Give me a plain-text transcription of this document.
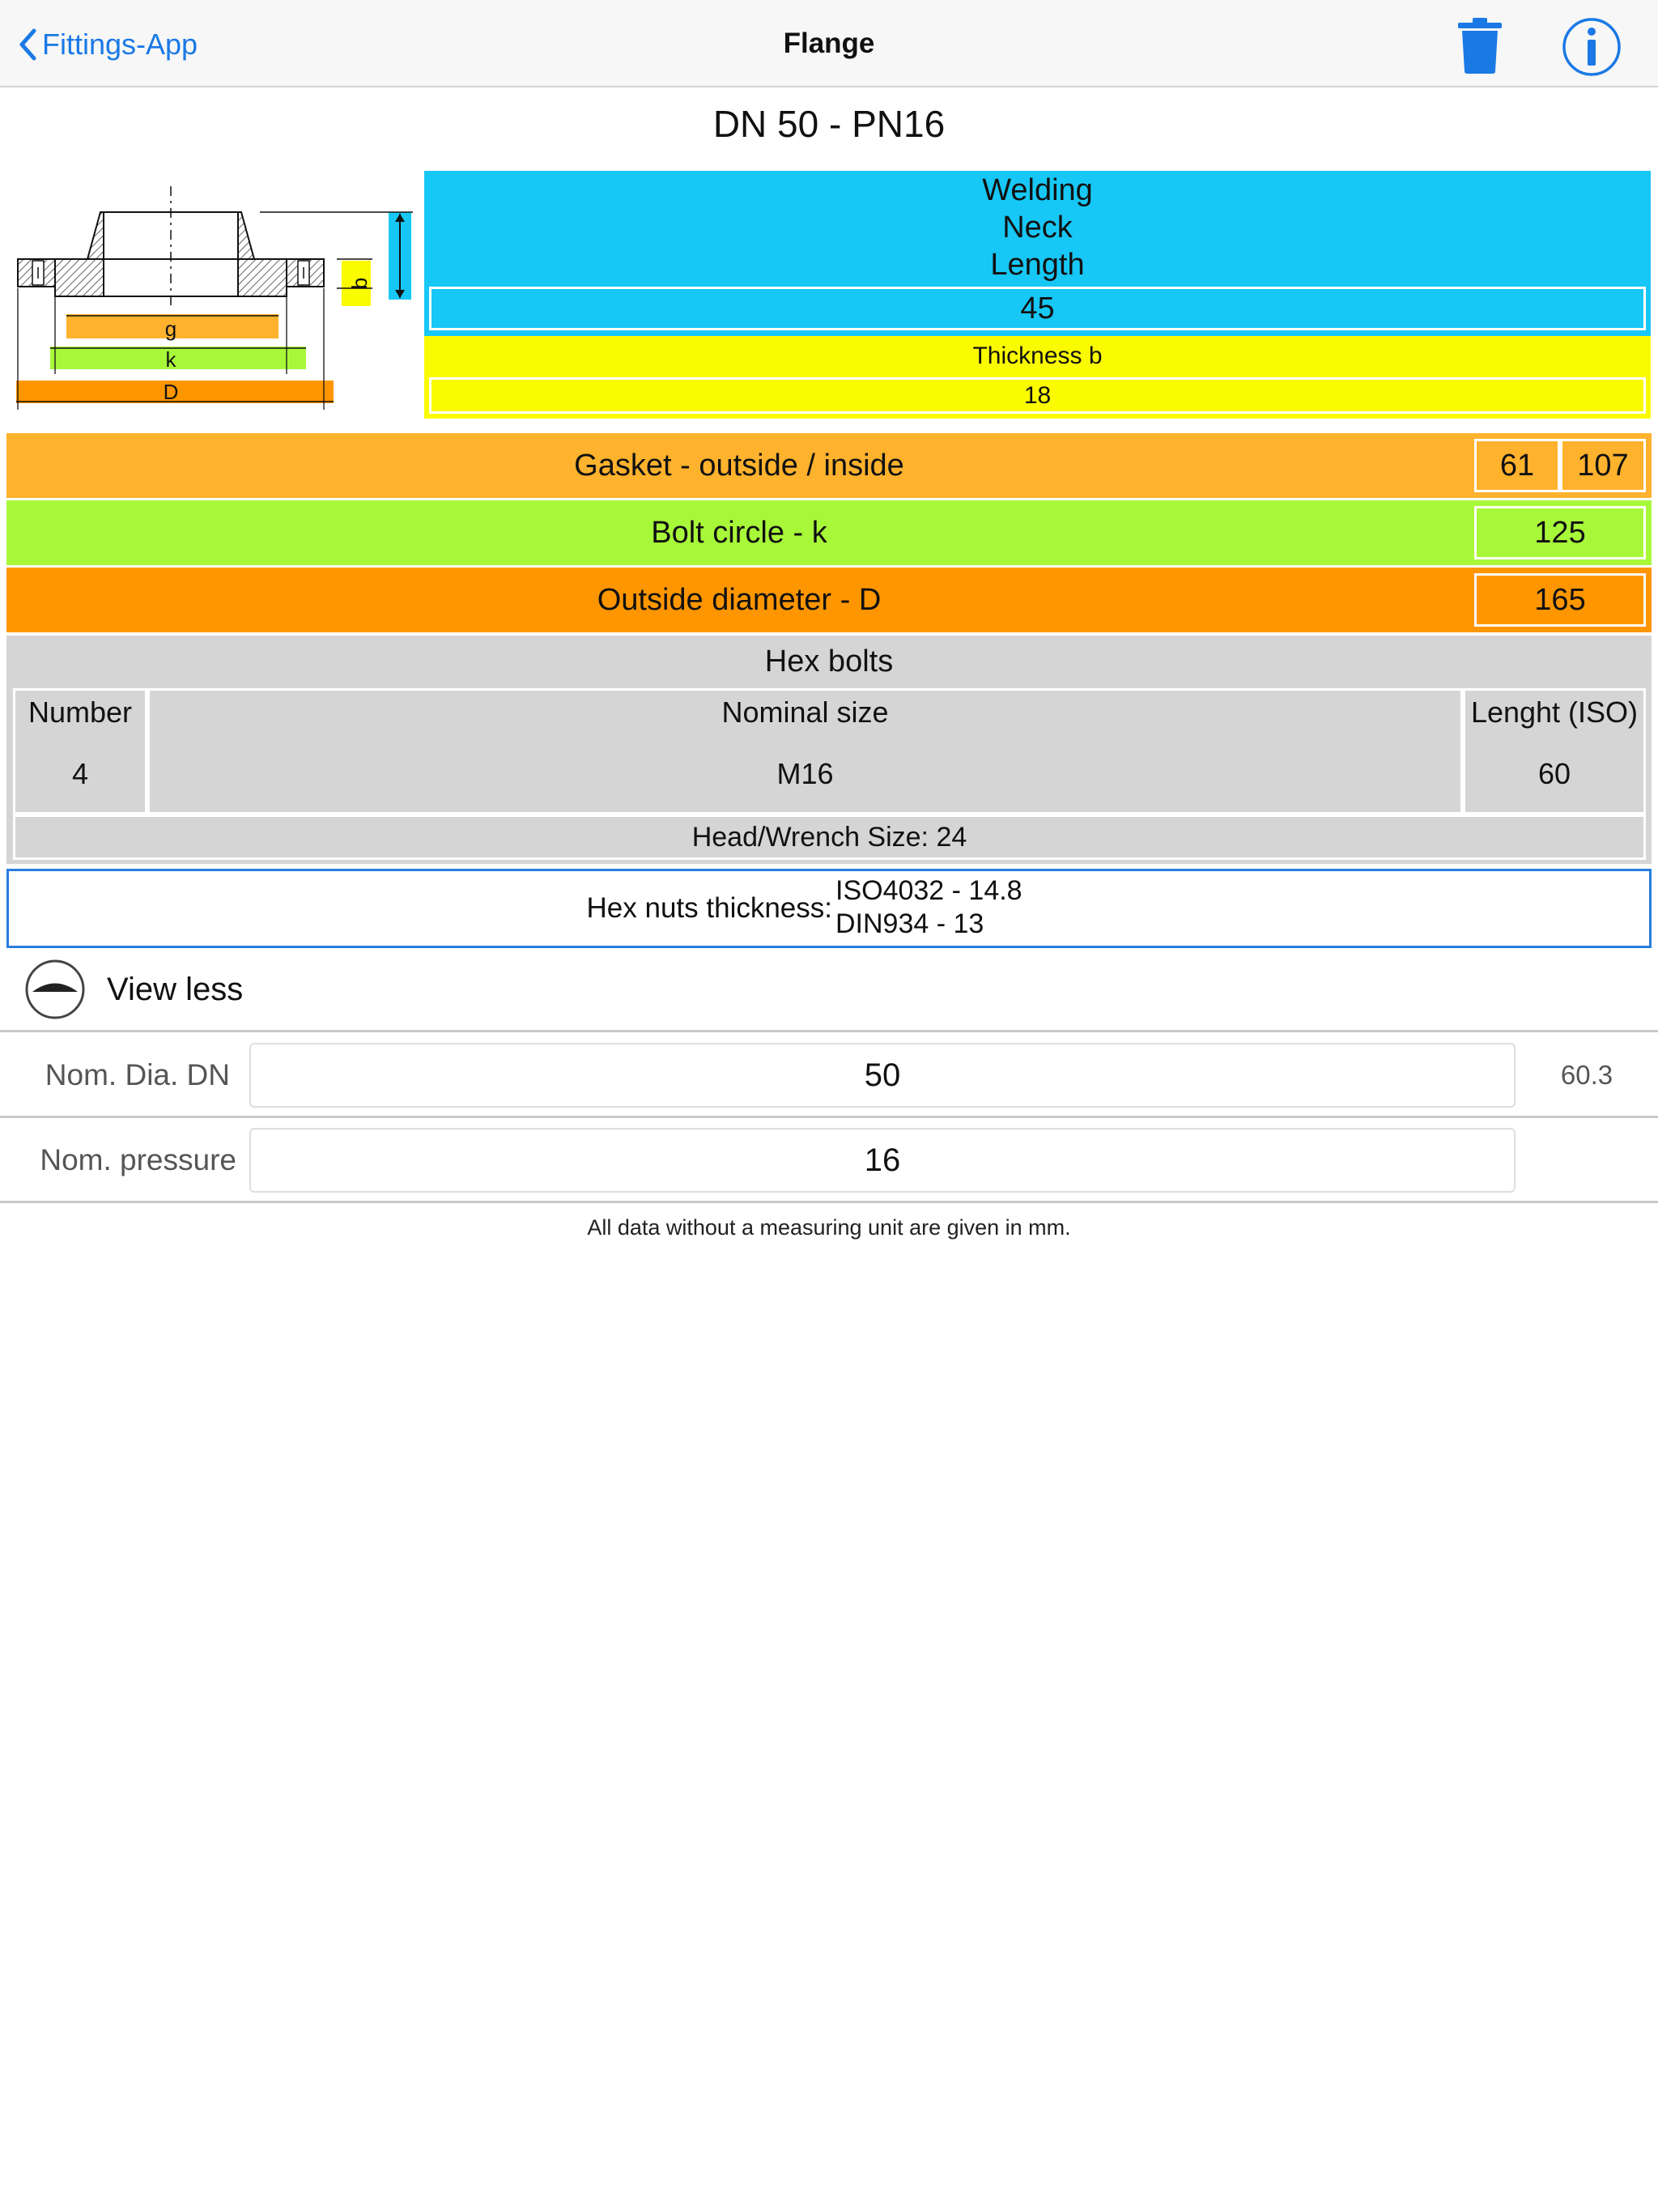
Fittings-App	Flange
DN 50 - PN16
b
g
k
D
Welding
Neck
Length
45
Thickness b
18
Gasket - outside / inside	61	107
Bolt circle - k	125
Outside diameter - D	165
Hex bolts
Number	Nominal size	Lenght (ISO)
4	M16	60
Head/Wrench Size: 24
Hex nuts thickness:
ISO4032 - 14.8
DIN934 - 13
View less
Nom. Dia. DN	50	60.3
Nom. pressure	16
All data without a measuring unit are given in mm.
